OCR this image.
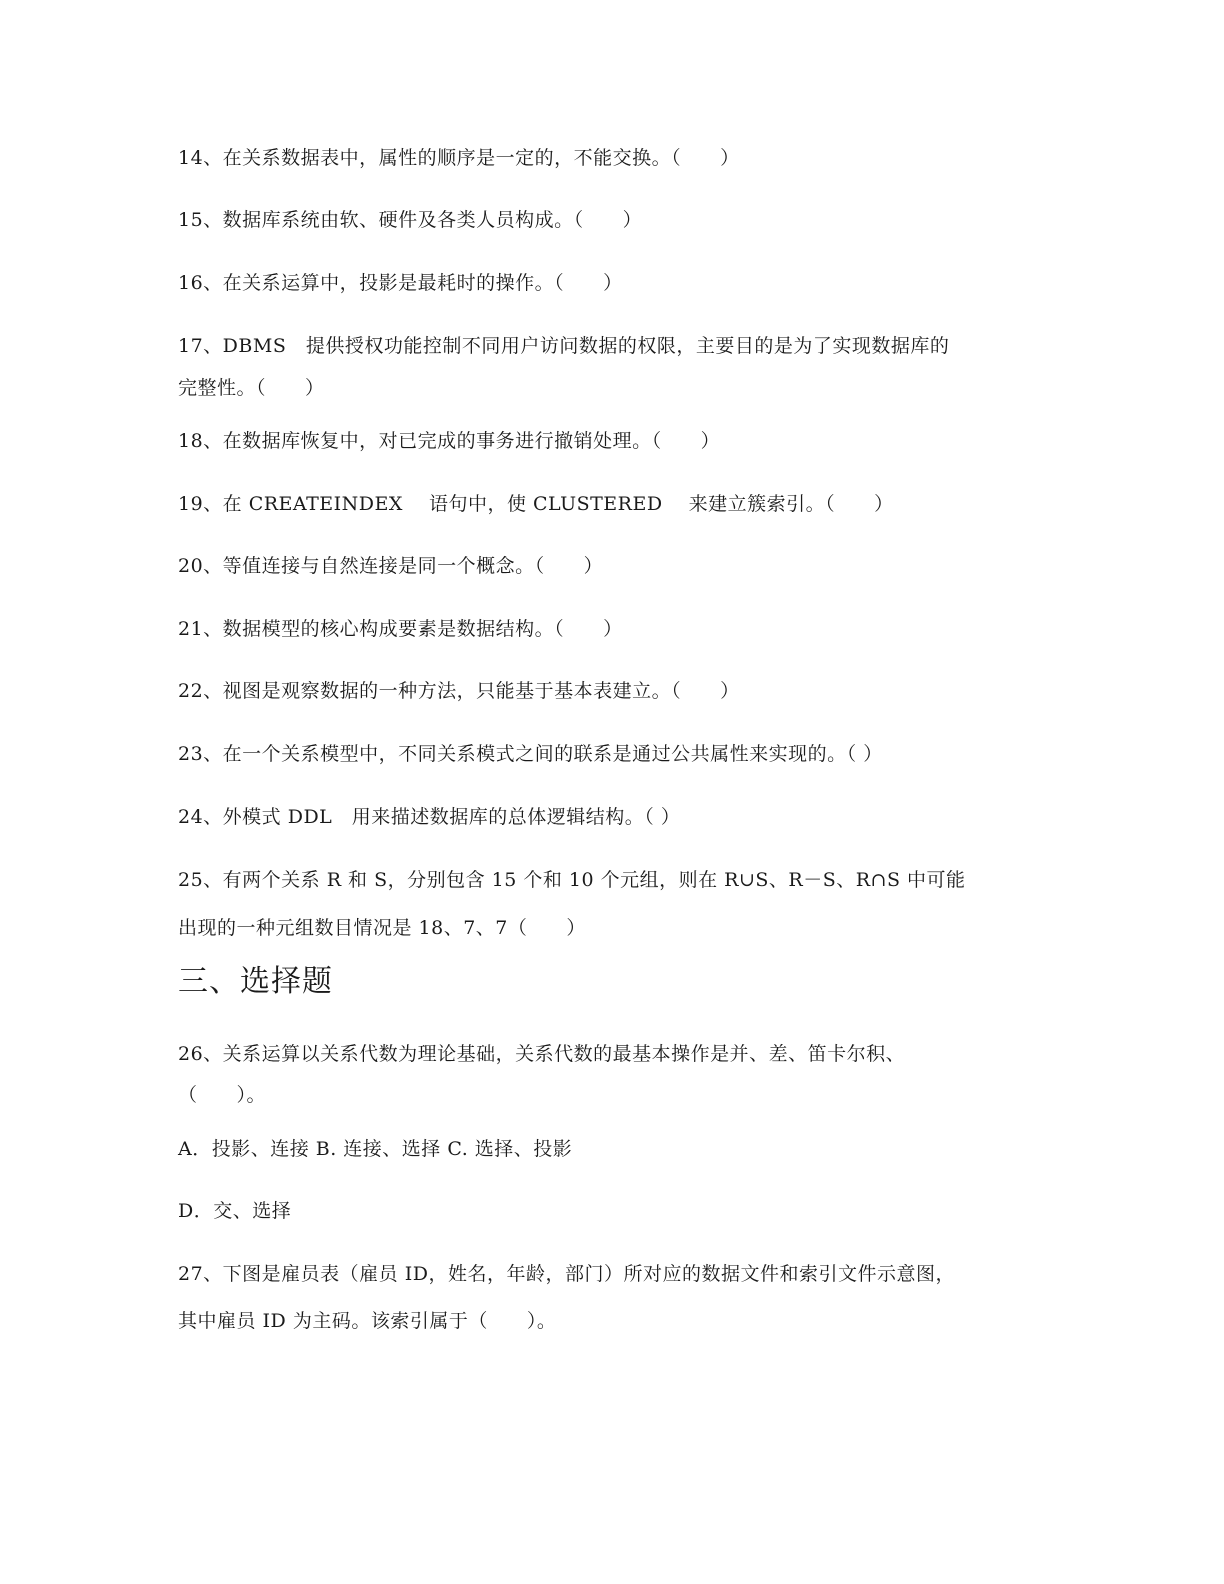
14、在关系数据表中，属性的顺序是一定的，不能交换。（　　）
15、数据库系统由软、硬件及各类人员构成。（　　）
16、在关系运算中，投影是最耗时的操作。（　　）
17、DBMS　提供授权功能控制不同用户访问数据的权限，主要目的是为了实现数据库的
完整性。（　　）
18、在数据库恢复中，对已完成的事务进行撤销处理。（　　）
19、在 CREATEINDEX　 语句中，使 CLUSTERED　 来建立簇索引。（　　）
20、等值连接与自然连接是同一个概念。（　　）
21、数据模型的核心构成要素是数据结构。（　　）
22、视图是观察数据的一种方法，只能基于基本表建立。（　　）
23、在一个关系模型中，不同关系模式之间的联系是通过公共属性来实现的。（ ）
24、外模式 DDL　用来描述数据库的总体逻辑结构。（ ）
25、有两个关系 R 和 S，分别包含 15 个和 10 个元组，则在 R∪S、R－S、R∩S 中可能
出现的一种元组数目情况是 18、7、7（　　）
三、选择题
26、关系运算以关系代数为理论基础，关系代数的最基本操作是并、差、笛卡尔积、
（　　）。
A．投影、连接 B. 连接、选择 C. 选择、投影
D．交、选择
27、下图是雇员表（雇员 ID，姓名，年龄，部门）所对应的数据文件和索引文件示意图，
其中雇员 ID 为主码。该索引属于（　　）。
